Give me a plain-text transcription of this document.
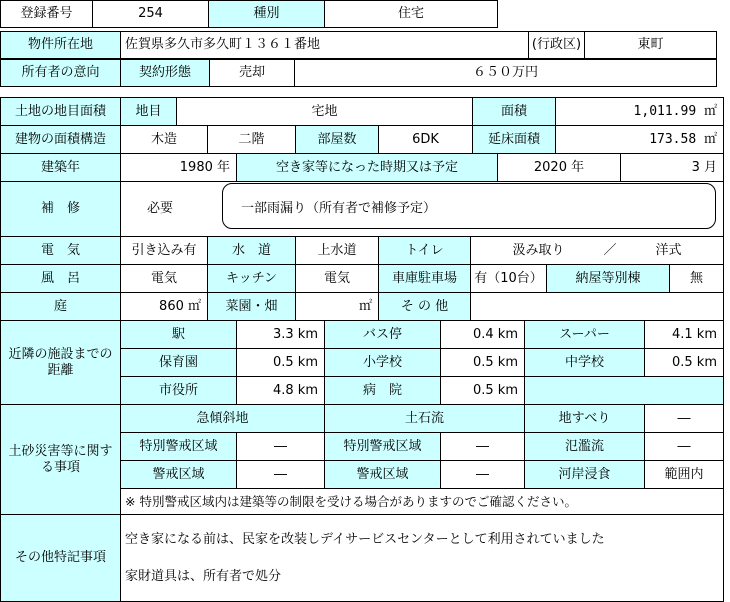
登録番号	254	種別	住宅
物件所在地	佐賀県多久市多久町１３６１番地	(行政区)	東町
所有者の意向	契約形態	売却	６５０万円
土地の地目面積	地目	宅地	面積	1,011.99 ㎡
建物の面積構造	木造	二階	部屋数	6DK	延床面積	173.58 ㎡
建築年	1980 年	空き家等になった時期又は予定	2020 年	3 月
補　修	必要	一部雨漏り（所有者で補修予定）
電　気	引き込み有	水　道	上水道	トイレ	汲み取り　　　／　　　洋式
風　呂	電気	キッチン	電気	車庫駐車場	有（10台）	納屋等別棟	無
庭	860 ㎡	菜園・畑	㎡	そ の 他
近隣の施設までの距離
駅	3.3 km	バス停	0.4 km	スーパー	4.1 km
保育園	0.5 km	小学校	0.5 km	中学校	0.5 km
市役所	4.8 km	病　院	0.5 km
土砂災害等に関する事項
急傾斜地	土石流	地すべり	―
特別警戒区域	―	特別警戒区域	―	氾濫流	―
警戒区域	―	警戒区域	―	河岸浸食	範囲内
※ 特別警戒区域内は建築等の制限を受ける場合がありますのでご確認ください。
その他特記事項
空き家になる前は、民家を改装しデイサービスセンターとして利用されていました
家財道具は、所有者で処分
